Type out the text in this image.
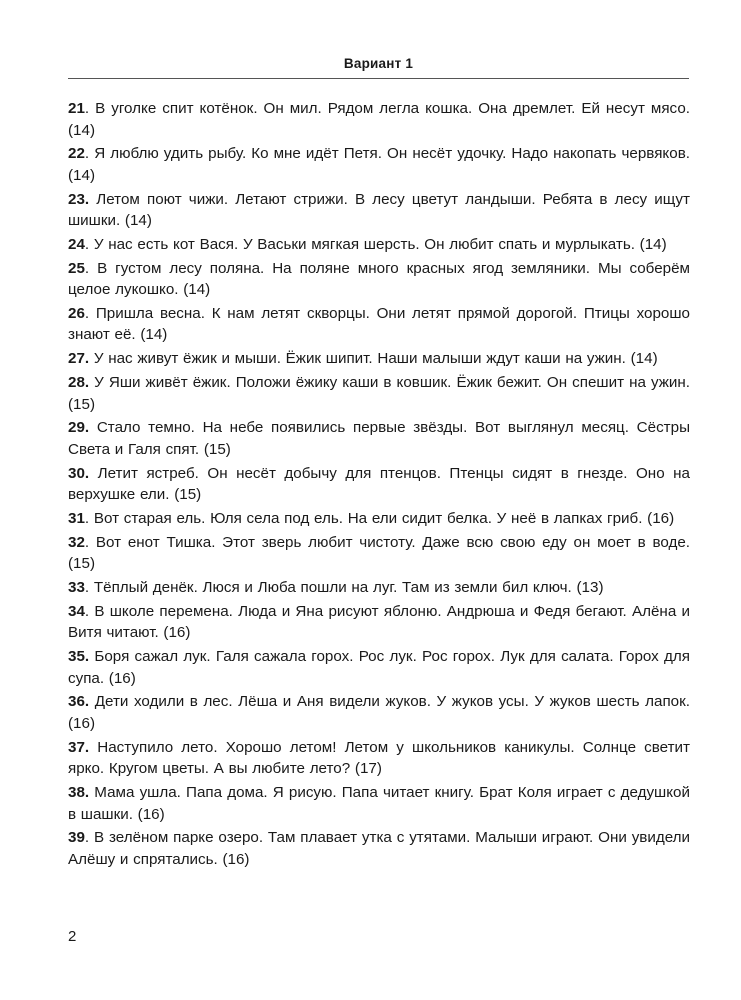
Вариант 1
21. В уголке спит котёнок. Он мил. Рядом легла кошка. Она дремлет. Ей несут мясо. (14)
22. Я люблю удить рыбу. Ко мне идёт Петя. Он несёт удочку. Надо накопать червяков. (14)
23. Летом поют чижи. Летают стрижи. В лесу цветут ландыши. Ребята в лесу ищут шишки. (14)
24. У нас есть кот Вася. У Васьки мягкая шерсть. Он любит спать и мурлыкать. (14)
25. В густом лесу поляна. На поляне много красных ягод земляники. Мы соберём целое лукошко. (14)
26. Пришла весна. К нам летят скворцы. Они летят прямой дорогой. Птицы хорошо знают её. (14)
27. У нас живут ёжик и мыши. Ёжик шипит. Наши малыши ждут каши на ужин. (14)
28. У Яши живёт ёжик. Положи ёжику каши в ковшик. Ёжик бежит. Он спешит на ужин. (15)
29. Стало темно. На небе появились первые звёзды. Вот выглянул месяц. Сёстры Света и Галя спят. (15)
30. Летит ястреб. Он несёт добычу для птенцов. Птенцы сидят в гнезде. Оно на верхушке ели. (15)
31. Вот старая ель. Юля села под ель. На ели сидит белка. У неё в лапках гриб. (16)
32. Вот енот Тишка. Этот зверь любит чистоту. Даже всю свою еду он моет в воде. (15)
33. Тёплый денёк. Люся и Люба пошли на луг. Там из земли бил ключ. (13)
34. В школе перемена. Люда и Яна рисуют яблоню. Андрюша и Федя бегают. Алёна и Витя читают. (16)
35. Боря сажал лук. Галя сажала горох. Рос лук. Рос горох. Лук для салата. Горох для супа. (16)
36. Дети ходили в лес. Лёша и Аня видели жуков. У жуков усы. У жуков шесть лапок. (16)
37. Наступило лето. Хорошо летом! Летом у школьников каникулы. Солнце светит ярко. Кругом цветы. А вы любите лето? (17)
38. Мама ушла. Папа дома. Я рисую. Папа читает книгу. Брат Коля играет с дедушкой в шашки. (16)
39. В зелёном парке озеро. Там плавает утка с утятами. Малыши играют. Они увидели Алёшу и спрятались. (16)
2
